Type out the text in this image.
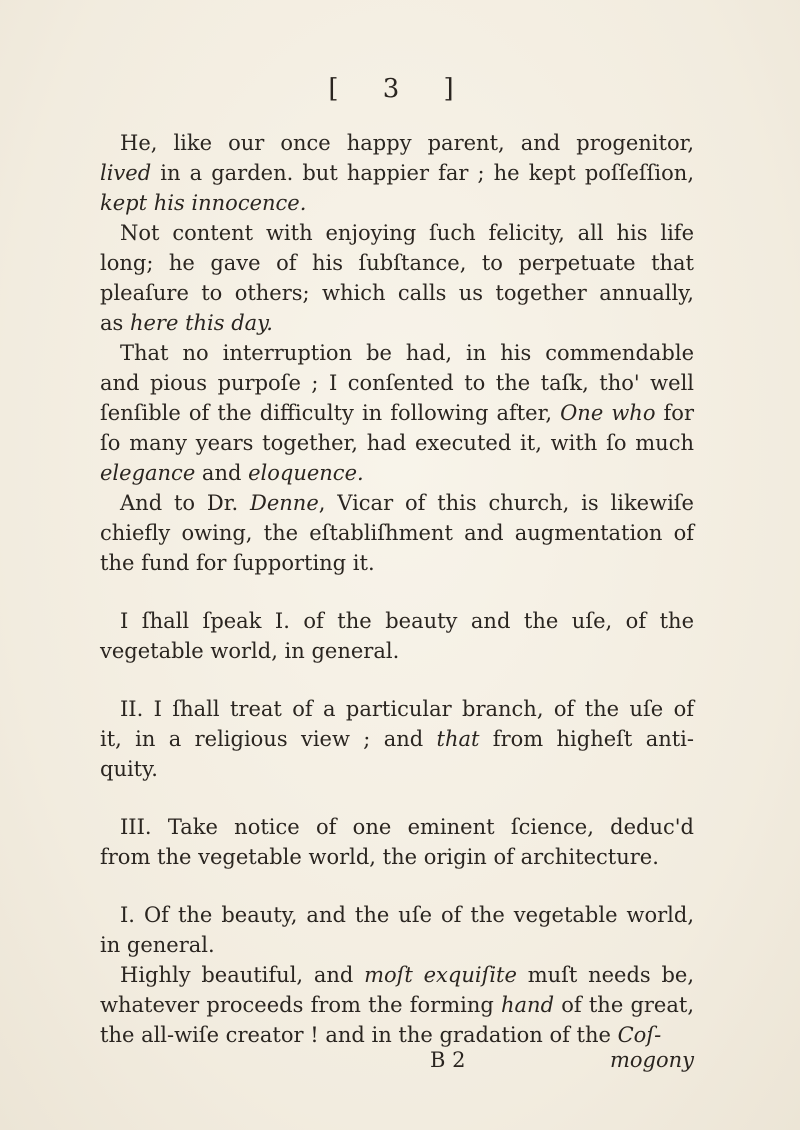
[ 3 ]
He, like our once happy parent, and progenitor,
lived in a garden. but happier far ; he kept poſſeſſion,
kept his innocence.
Not content with enjoying ſuch felicity, all his life
long; he gave of his ſubſtance, to perpetuate that
pleaſure to others; which calls us together annually,
as here this day.
That no interruption be had, in his commendable
and pious purpoſe ; I conſented to the taſk, tho' well
ſenſible of the difficulty in following after, One who for
ſo many years together, had executed it, with ſo much
elegance and eloquence.
And to Dr. Denne, Vicar of this church, is likewiſe
chiefly owing, the eſtabliſhment and augmentation of
the fund for ſupporting it.
I ſhall ſpeak I. of the beauty and the uſe, of the
vegetable world, in general.
II. I ſhall treat of a particular branch, of the uſe of
it, in a religious view ; and that from higheſt anti-
quity.
III. Take notice of one eminent ſcience, deduc'd
from the vegetable world, the origin of architecture.
I. Of the beauty, and the uſe of the vegetable world,
in general.
Highly beautiful, and moſt exquiſite muſt needs be,
whatever proceeds from the forming hand of the great,
the all-wiſe creator ! and in the gradation of the Coſ-
B 2	mogony
